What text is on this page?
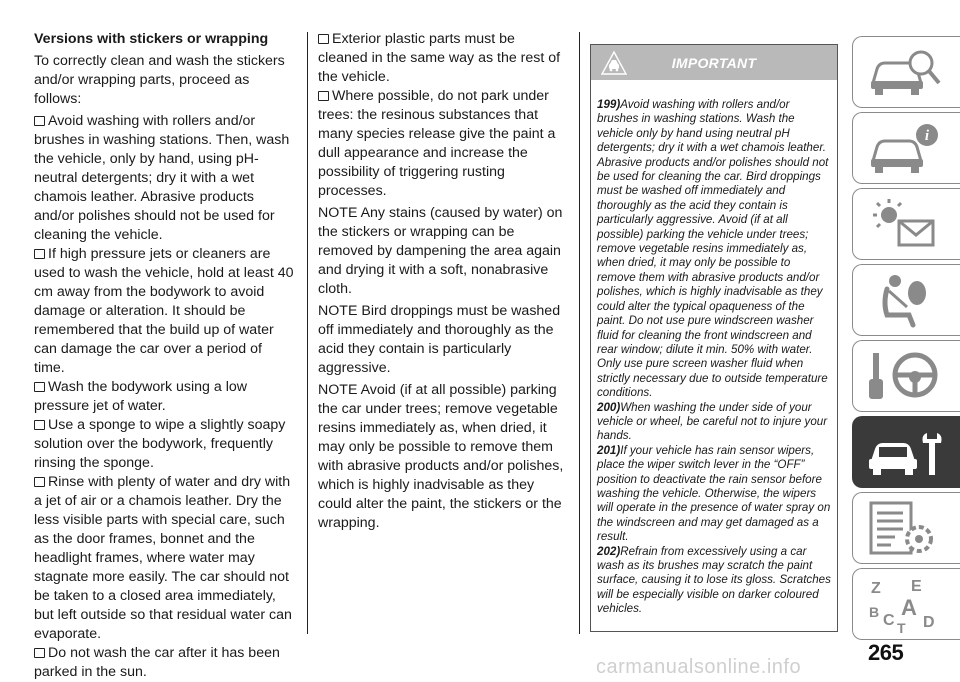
Versions with stickers or wrapping

To correctly clean and wash the stickers and/or wrapping parts, proceed as follows:

Avoid washing with rollers and/or brushes in washing stations. Then, wash the vehicle, only by hand, using pH-neutral detergents; dry it with a wet chamois leather. Abrasive products and/or polishes should not be used for cleaning the vehicle.
If high pressure jets or cleaners are used to wash the vehicle, hold at least 40 cm away from the bodywork to avoid damage or alteration. It should be remembered that the build up of water can damage the car over a period of time.
Wash the bodywork using a low pressure jet of water.
Use a sponge to wipe a slightly soapy solution over the bodywork, frequently rinsing the sponge.
Rinse with plenty of water and dry with a jet of air or a chamois leather. Dry the less visible parts with special care, such as the door frames, bonnet and the headlight frames, where water may stagnate more easily. The car should not be taken to a closed area immediately, but left outside so that residual water can evaporate.
Do not wash the car after it has been parked in the sun.
Exterior plastic parts must be cleaned in the same way as the rest of the vehicle.
Where possible, do not park under trees: the resinous substances that many species release give the paint a dull appearance and increase the possibility of triggering rusting processes.

NOTE Any stains (caused by water) on the stickers or wrapping can be removed by dampening the area again and drying it with a soft, nonabrasive cloth.

NOTE Bird droppings must be washed off immediately and thoroughly as the acid they contain is particularly aggressive.

NOTE Avoid (if at all possible) parking the car under trees; remove vegetable resins immediately as, when dried, it may only be possible to remove them with abrasive products and/or polishes, which is highly inadvisable as they could alter the paint, the stickers or the wrapping.

IMPORTANT
199)Avoid washing with rollers and/or brushes in washing stations. Wash the vehicle only by hand using neutral pH detergents; dry it with a wet chamois leather. Abrasive products and/or polishes should not be used for cleaning the car. Bird droppings must be washed off immediately and thoroughly as the acid they contain is particularly aggressive. Avoid (if at all possible) parking the vehicle under trees; remove vegetable resins immediately as, when dried, it may only be possible to remove them with abrasive products and/or polishes, which is highly inadvisable as they could alter the typical opaqueness of the paint. Do not use pure windscreen washer fluid for cleaning the front windscreen and rear window; dilute it min. 50% with water. Only use pure screen washer fluid when strictly necessary due to outside temperature conditions.
200)When washing the under side of your vehicle or wheel, be careful not to injure your hands.
201)If your vehicle has rain sensor wipers, place the wiper switch lever in the “OFF” position to deactivate the rain sensor before washing the vehicle. Otherwise, the wipers will operate in the presence of water spray on the windscreen and may get damaged as a result.
202)Refrain from excessively using a car wash as its brushes may scratch the paint surface, causing it to lose its gloss. Scratches will be especially visible on darker coloured vehicles.
i
Z E
B A
C T D
265
carmanualsonline.info
